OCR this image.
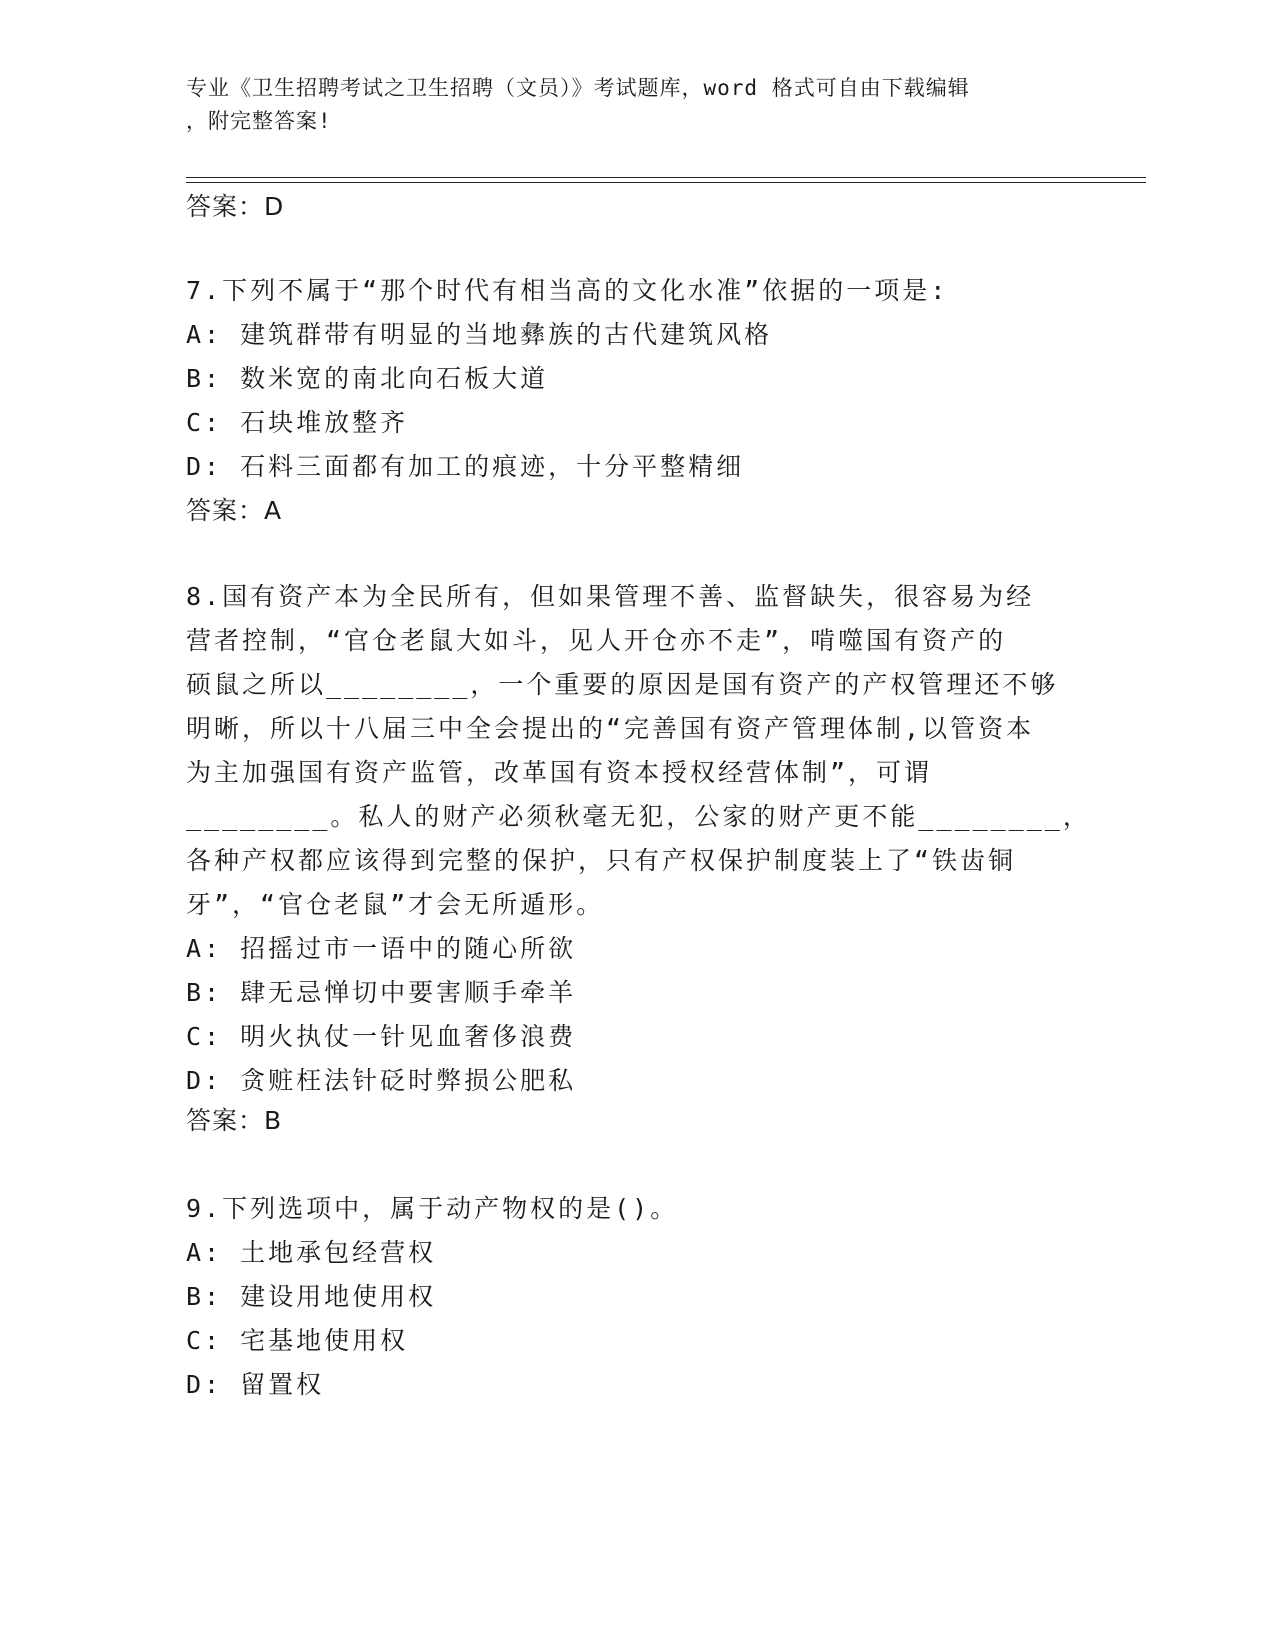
专业《卫生招聘考试之卫生招聘（文员）》考试题库，word 格式可自由下载编辑
，附完整答案!
答案：D
7.下列不属于“那个时代有相当高的文化水准”依据的一项是:
A: 建筑群带有明显的当地彝族的古代建筑风格
B: 数米宽的南北向石板大道
C: 石块堆放整齐
D: 石料三面都有加工的痕迹，十分平整精细
答案：A
8.国有资产本为全民所有，但如果管理不善、监督缺失，很容易为经
营者控制，“官仓老鼠大如斗，见人开仓亦不走”，啃噬国有资产的
硕鼠之所以________，一个重要的原因是国有资产的产权管理还不够
明晰，所以十八届三中全会提出的“完善国有资产管理体制,以管资本
为主加强国有资产监管，改革国有资本授权经营体制”，可谓
________。私人的财产必须秋毫无犯，公家的财产更不能________，
各种产权都应该得到完整的保护，只有产权保护制度装上了“铁齿铜
牙”，“官仓老鼠”才会无所遁形。
A: 招摇过市一语中的随心所欲
B: 肆无忌惮切中要害顺手牵羊
C: 明火执仗一针见血奢侈浪费
D: 贪赃枉法针砭时弊损公肥私
答案：B
9.下列选项中，属于动产物权的是()。
A: 土地承包经营权
B: 建设用地使用权
C: 宅基地使用权
D: 留置权
